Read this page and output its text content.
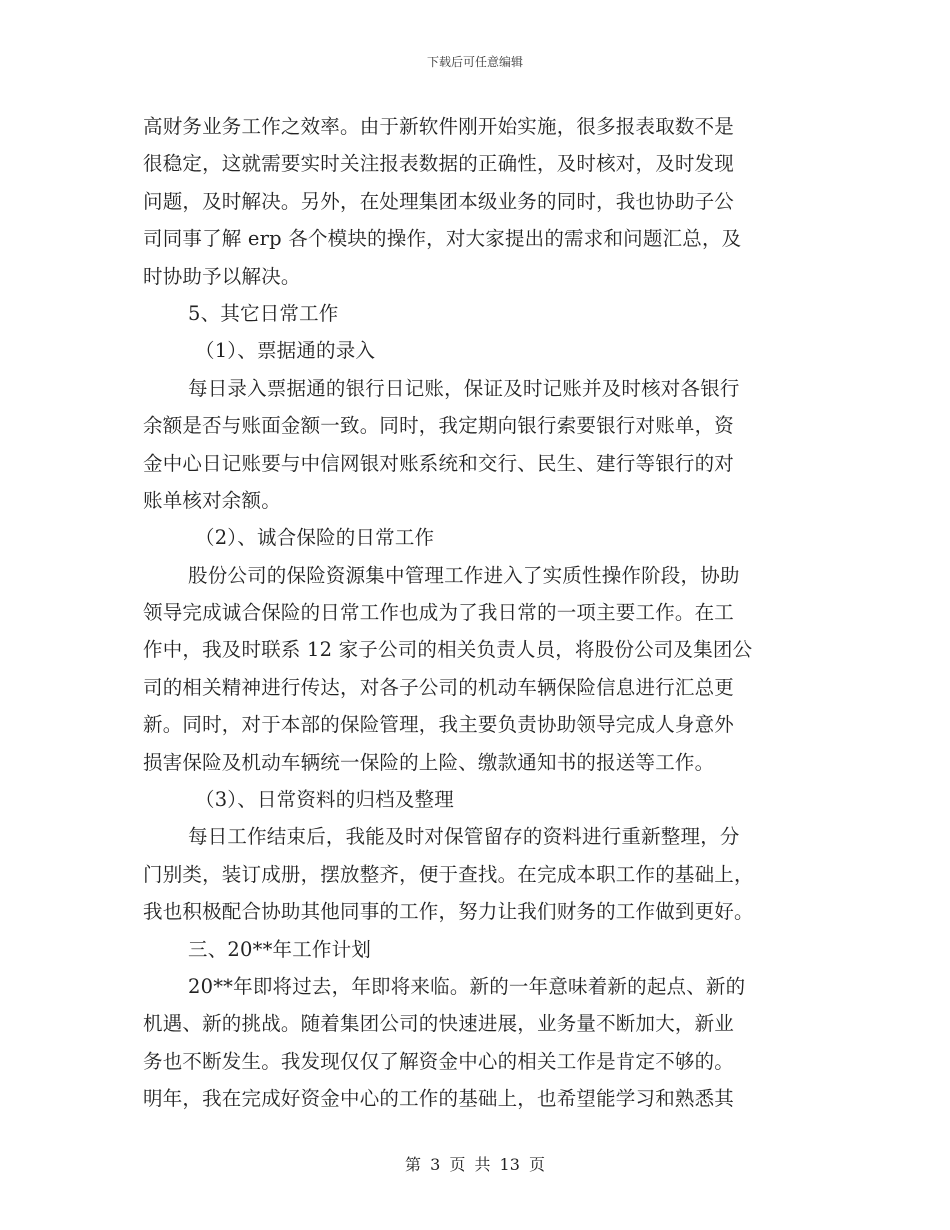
下载后可任意编辑
高财务业务工作之效率。由于新软件刚开始实施，很多报表取数不是
很稳定，这就需要实时关注报表数据的正确性，及时核对，及时发现
问题，及时解决。另外，在处理集团本级业务的同时，我也协助子公
司同事了解 erp 各个模块的操作，对大家提出的需求和问题汇总，及
时协助予以解决。
5、其它日常工作
（1）、票据通的录入
每日录入票据通的银行日记账，保证及时记账并及时核对各银行
余额是否与账面金额一致。同时，我定期向银行索要银行对账单，资
金中心日记账要与中信网银对账系统和交行、民生、建行等银行的对
账单核对余额。
（2）、诚合保险的日常工作
股份公司的保险资源集中管理工作进入了实质性操作阶段，协助
领导完成诚合保险的日常工作也成为了我日常的一项主要工作。在工
作中，我及时联系 12 家子公司的相关负责人员，将股份公司及集团公
司的相关精神进行传达，对各子公司的机动车辆保险信息进行汇总更
新。同时，对于本部的保险管理，我主要负责协助领导完成人身意外
损害保险及机动车辆统一保险的上险、缴款通知书的报送等工作。
（3）、日常资料的归档及整理
每日工作结束后，我能及时对保管留存的资料进行重新整理，分
门别类，装订成册，摆放整齐，便于查找。在完成本职工作的基础上，
我也积极配合协助其他同事的工作，努力让我们财务的工作做到更好。
三、20**年工作计划
20**年即将过去，年即将来临。新的一年意味着新的起点、新的
机遇、新的挑战。随着集团公司的快速进展，业务量不断加大，新业
务也不断发生。我发现仅仅了解资金中心的相关工作是肯定不够的。
明年，我在完成好资金中心的工作的基础上，也希望能学习和熟悉其
第 3 页 共 13 页
